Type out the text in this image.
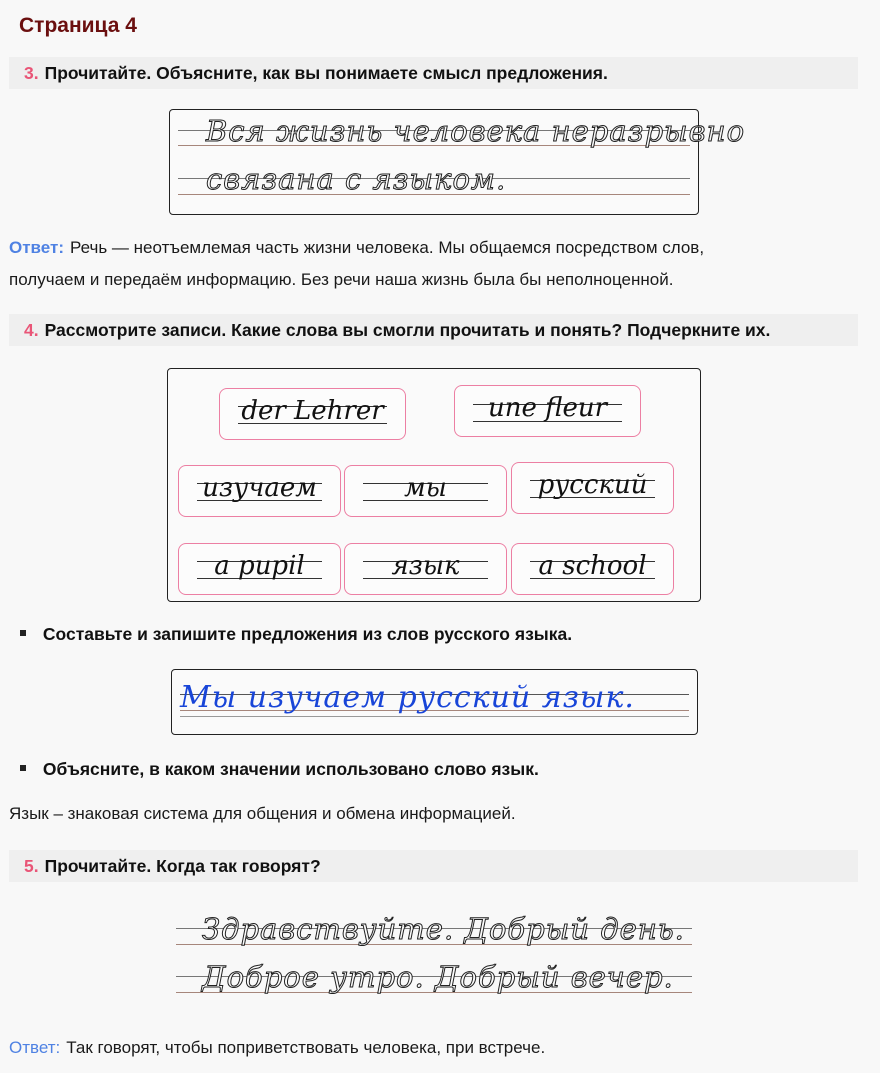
Страница 4
3. Прочитайте. Объясните, как вы понимаете смысл предложения.
Вся жизнь человека неразрывно
связана с языком.
Ответ: Речь — неотъемлемая часть жизни человека. Мы общаемся посредством слов,
получаем и передаём информацию. Без речи наша жизнь была бы неполноценной.
4. Рассмотрите записи. Какие слова вы смогли прочитать и понять? Подчеркните их.
der Lehrer	une fleur
изучаем	мы	русский
a pupil	язык	a school
Составьте и запишите предложения из слов русского языка.
Мы изучаем русский язык.
Объясните, в каком значении использовано слово язык.
Язык – знаковая система для общения и обмена информацией.
5. Прочитайте. Когда так говорят?
Здравствуйте. Добрый день.
Доброе утро. Добрый вечер.
Ответ: Так говорят, чтобы поприветствовать человека, при встрече.
